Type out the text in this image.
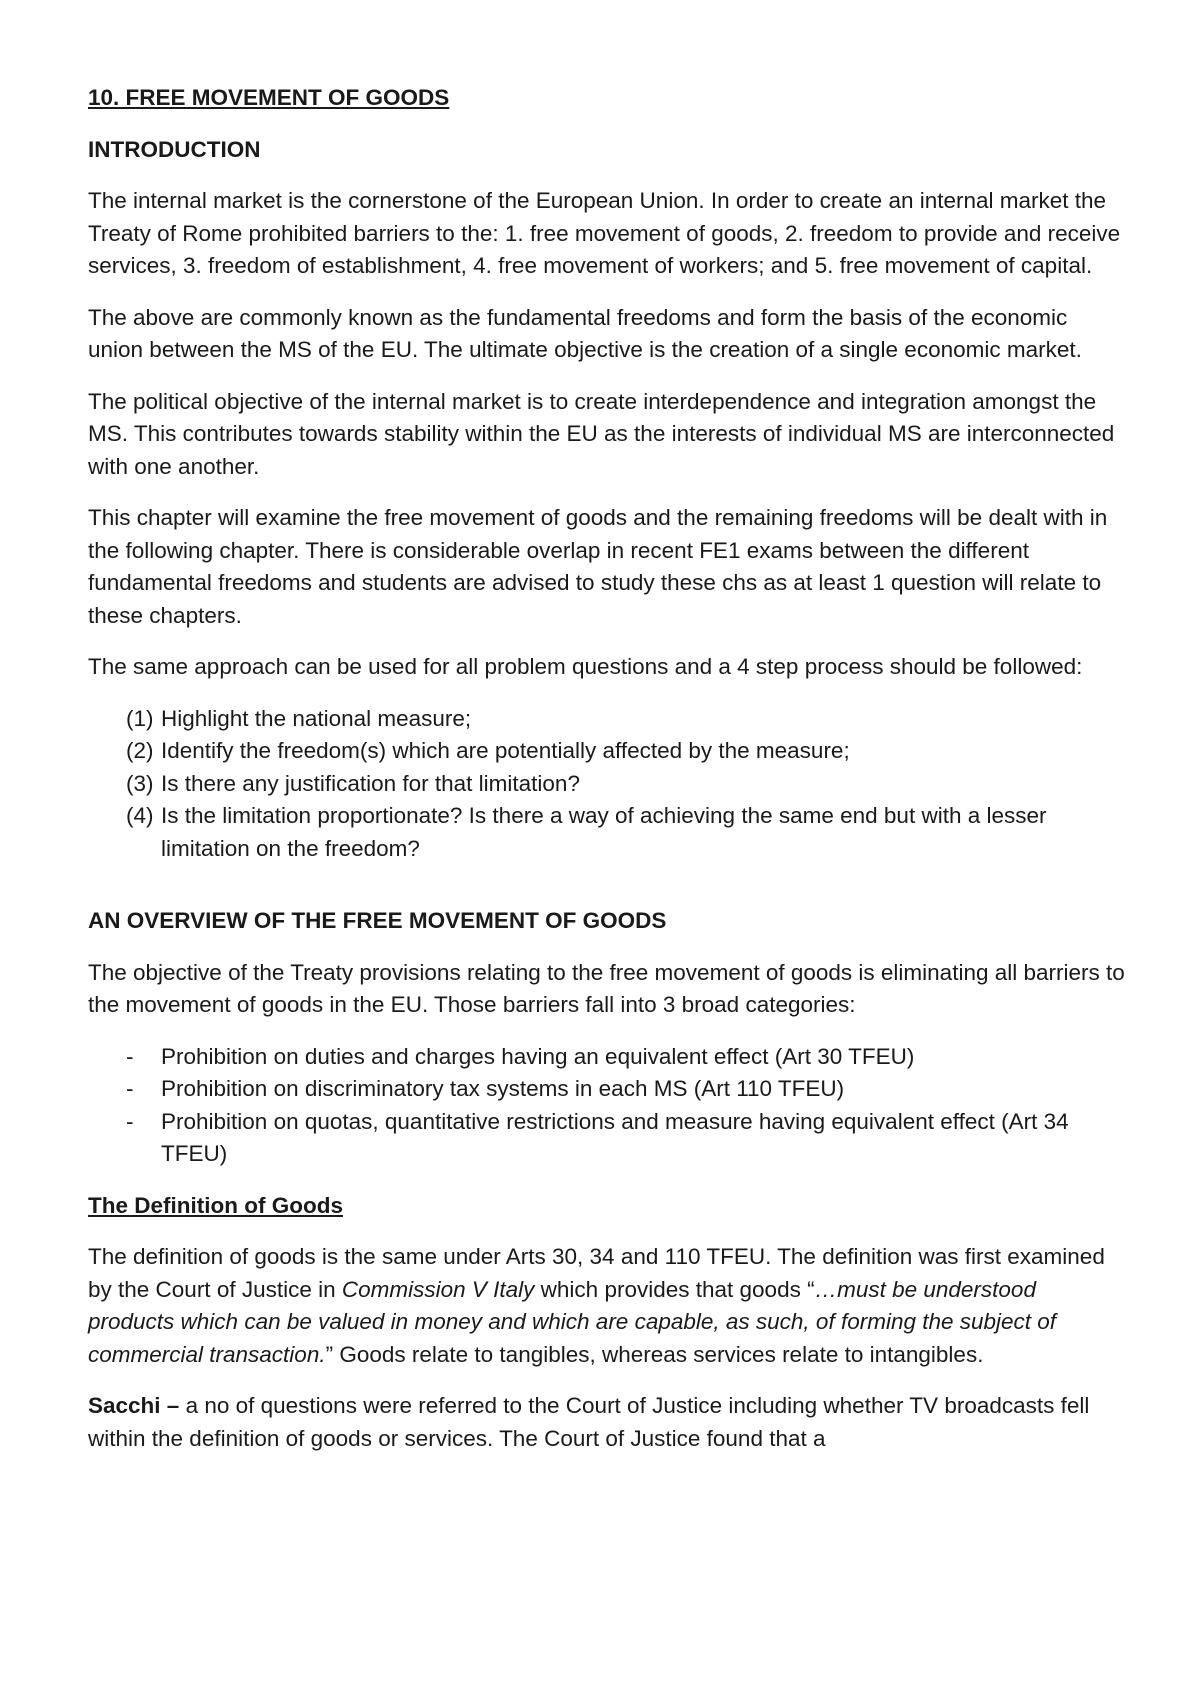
10. FREE MOVEMENT OF GOODS
INTRODUCTION

The internal market is the cornerstone of the European Union. In order to create an internal market the Treaty of Rome prohibited barriers to the: 1. free movement of goods, 2. freedom to provide and receive services, 3. freedom of establishment, 4. free movement of workers; and 5. free movement of capital.

The above are commonly known as the fundamental freedoms and form the basis of the economic union between the MS of the EU. The ultimate objective is the creation of a single economic market.

The political objective of the internal market is to create interdependence and integration amongst the MS. This contributes towards stability within the EU as the interests of individual MS are interconnected with one another.

This chapter will examine the free movement of goods and the remaining freedoms will be dealt with in the following chapter. There is considerable overlap in recent FE1 exams between the different fundamental freedoms and students are advised to study these chs as at least 1 question will relate to these chapters.

The same approach can be used for all problem questions and a 4 step process should be followed:

(1) Highlight the national measure;
(2) Identify the freedom(s) which are potentially affected by the measure;
(3) Is there any justification for that limitation?
(4) Is the limitation proportionate? Is there a way of achieving the same end but with a lesser limitation on the freedom?
AN OVERVIEW OF THE FREE MOVEMENT OF GOODS

The objective of the Treaty provisions relating to the free movement of goods is eliminating all barriers to the movement of goods in the EU. Those barriers fall into 3 broad categories:

- Prohibition on duties and charges having an equivalent effect (Art 30 TFEU)
- Prohibition on discriminatory tax systems in each MS (Art 110 TFEU)
- Prohibition on quotas, quantitative restrictions and measure having equivalent effect (Art 34 TFEU)
The Definition of Goods

The definition of goods is the same under Arts 30, 34 and 110 TFEU. The definition was first examined by the Court of Justice in Commission V Italy which provides that goods “…must be understood products which can be valued in money and which are capable, as such, of forming the subject of commercial transaction.” Goods relate to tangibles, whereas services relate to intangibles.

Sacchi – a no of questions were referred to the Court of Justice including whether TV broadcasts fell within the definition of goods or services. The Court of Justice found that a
